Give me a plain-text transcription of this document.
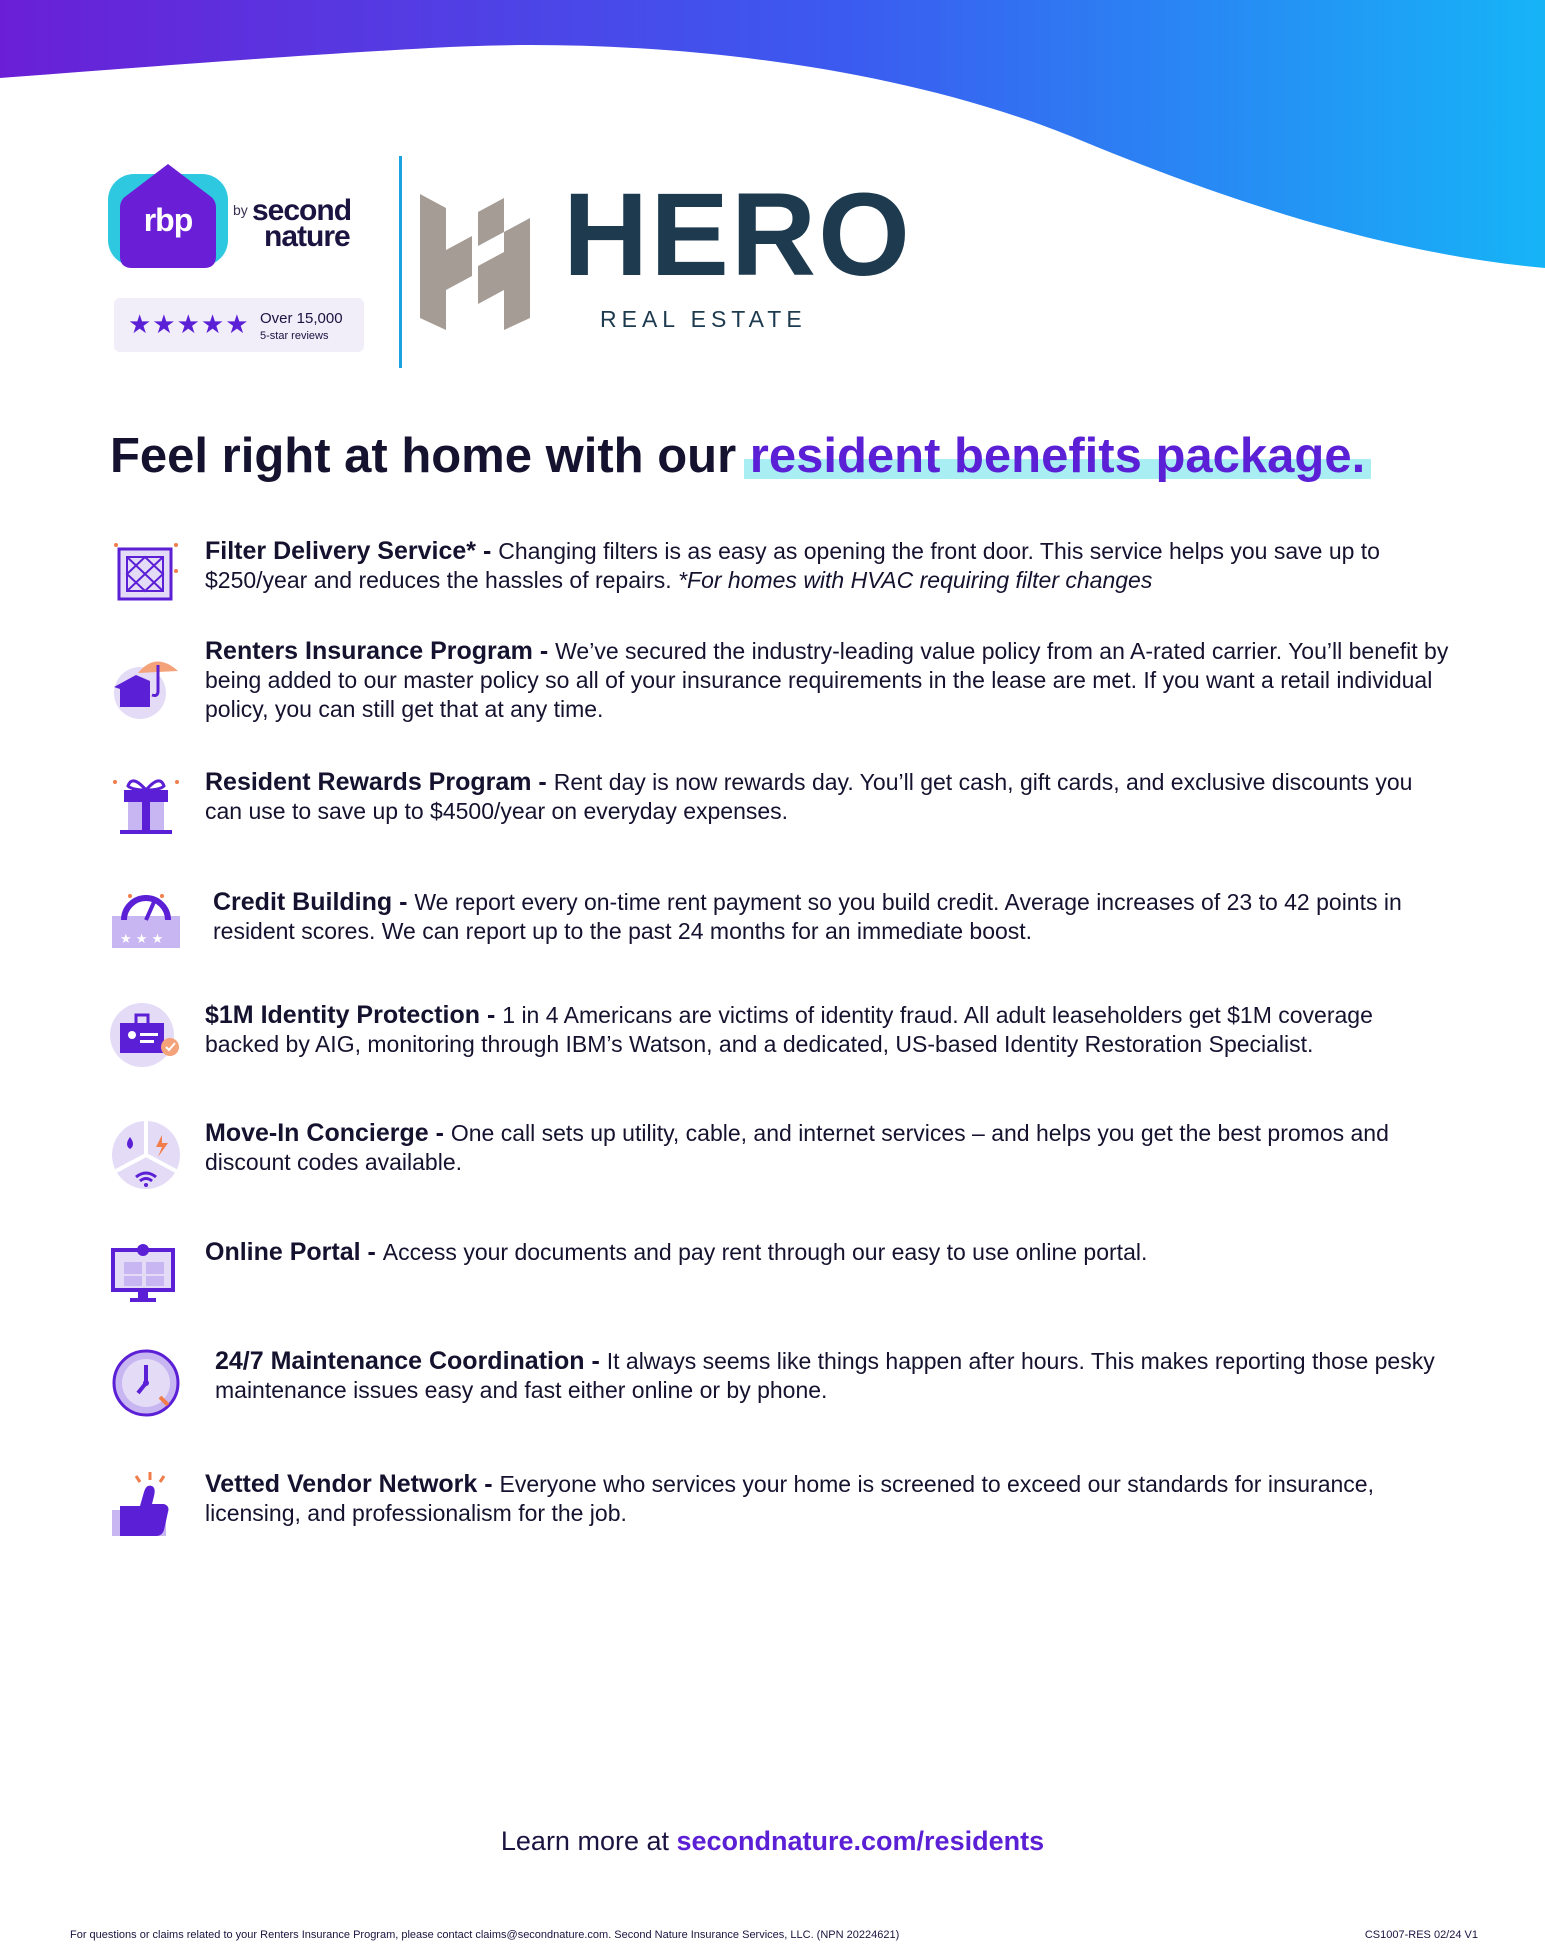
rbp	by second
nature
★★★★★ Over 15,000
5-star reviews
HERO
REAL ESTATE
Feel right at home with our resident benefits package.
Filter Delivery Service* - Changing filters is as easy as opening the front door. This service helps you save up to $250/year and reduces the hassles of repairs. *For homes with HVAC requiring filter changes
Renters Insurance Program - We’ve secured the industry-leading value policy from an A-rated carrier. You’ll benefit by being added to our master policy so all of your insurance requirements in the lease are met. If you want a retail individual policy, you can still get that at any time.
Resident Rewards Program - Rent day is now rewards day. You’ll get cash, gift cards, and exclusive discounts you can use to save up to $4500/year on everyday expenses.
★ ★ ★
Credit Building - We report every on-time rent payment so you build credit. Average increases of 23 to 42 points in resident scores. We can report up to the past 24 months for an immediate boost.
$1M Identity Protection - 1 in 4 Americans are victims of identity fraud. All adult leaseholders get $1M coverage backed by AIG, monitoring through IBM’s Watson, and a dedicated, US-based Identity Restoration Specialist.
Move-In Concierge - One call sets up utility, cable, and internet services – and helps you get the best promos and discount codes available.
Online Portal - Access your documents and pay rent through our easy to use online portal.
24/7 Maintenance Coordination - It always seems like things happen after hours. This makes reporting those pesky maintenance issues easy and fast either online or by phone.
Vetted Vendor Network - Everyone who services your home is screened to exceed our standards for insurance, licensing, and professionalism for the job.
Learn more at secondnature.com/residents
For questions or claims related to your Renters Insurance Program, please contact claims@secondnature.com. Second Nature Insurance Services, LLC. (NPN 20224621)	CS1007-RES 02/24 V1
